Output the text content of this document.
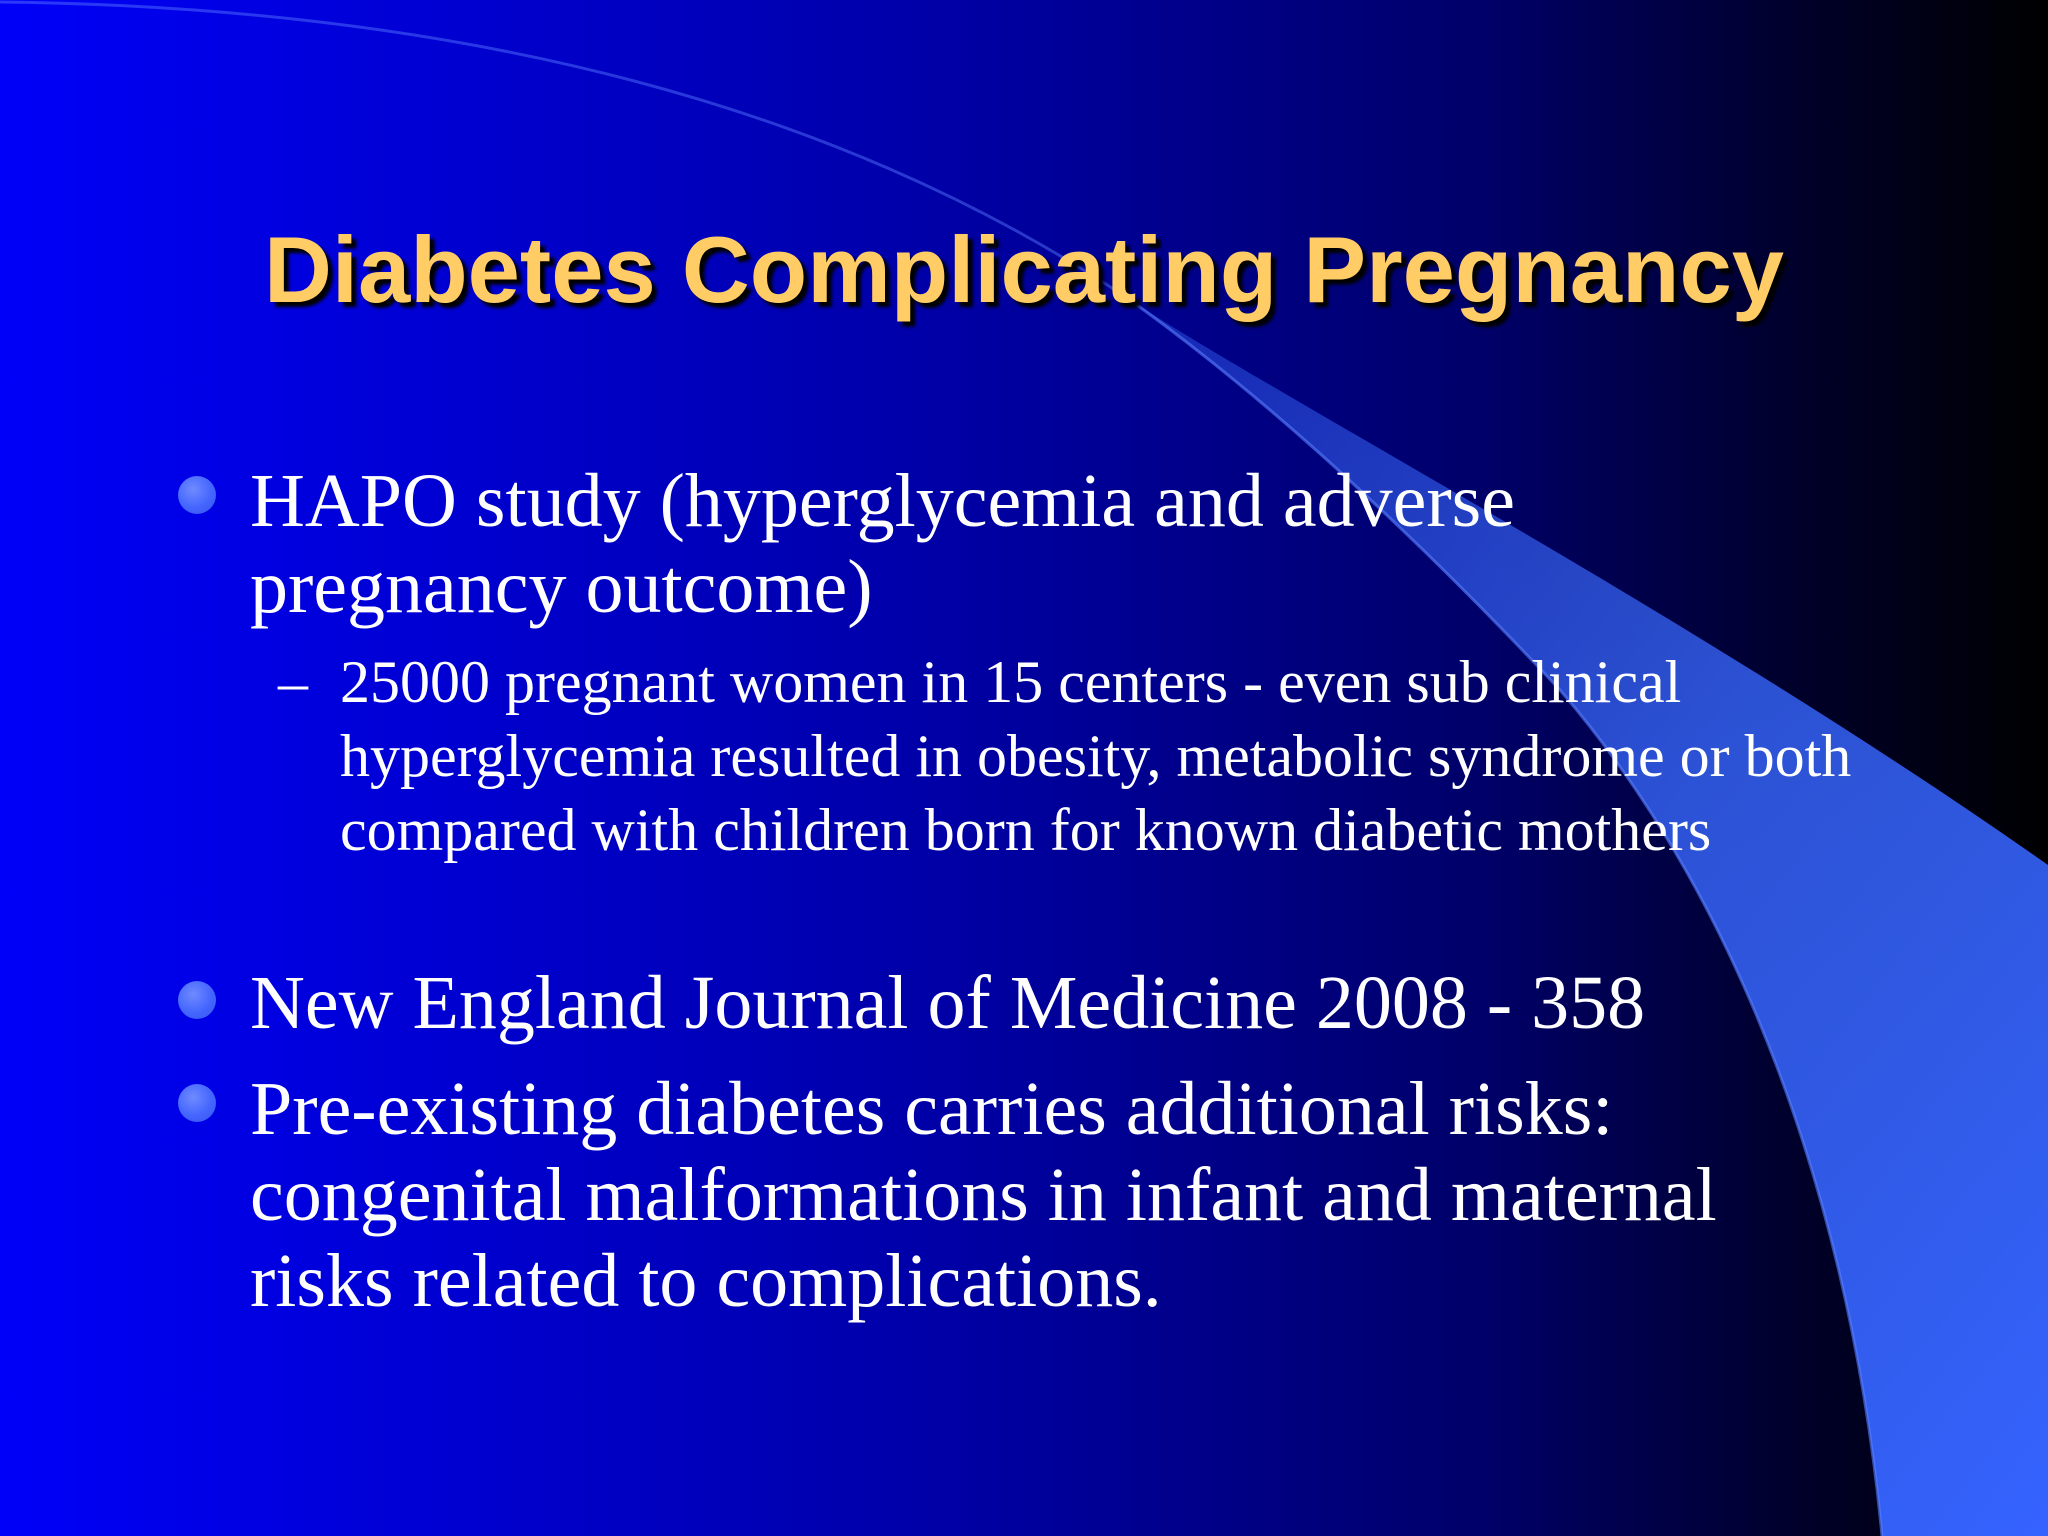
Diabetes Complicating Pregnancy

HAPO study (hyperglycemia and adverse pregnancy outcome)

– 25000 pregnant women in 15 centers - even sub clinical hyperglycemia resulted in obesity, metabolic syndrome or both compared with children born for known diabetic mothers

New England Journal of Medicine 2008 - 358

Pre-existing diabetes carries additional risks: congenital malformations in infant and maternal risks related to complications.
